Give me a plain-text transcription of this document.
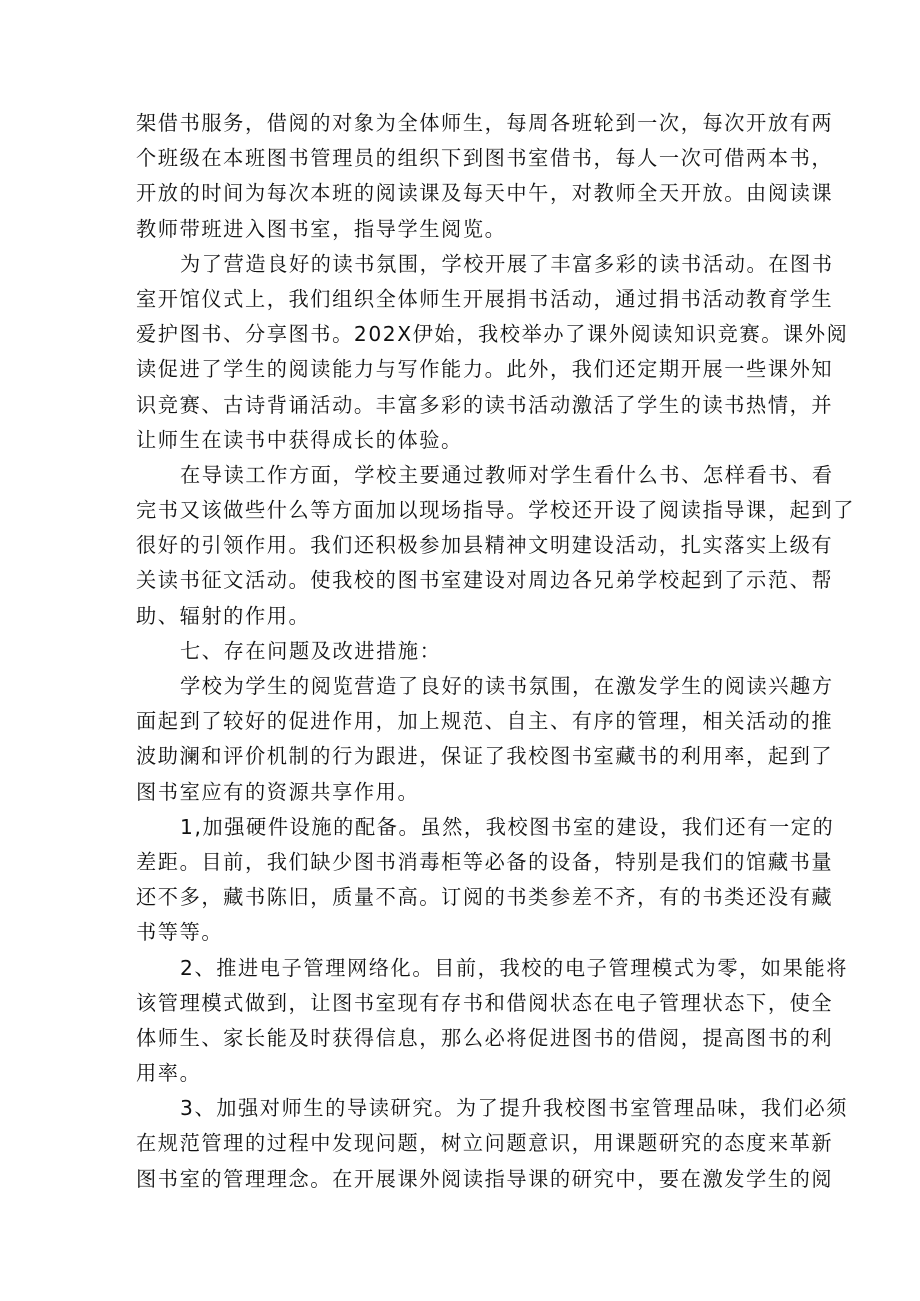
架借书服务，借阅的对象为全体师生，每周各班轮到一次，每次开放有两
个班级在本班图书管理员的组织下到图书室借书，每人一次可借两本书，
开放的时间为每次本班的阅读课及每天中午，对教师全天开放。由阅读课
教师带班进入图书室，指导学生阅览。
为了营造良好的读书氛围，学校开展了丰富多彩的读书活动。在图书
室开馆仪式上，我们组织全体师生开展捐书活动，通过捐书活动教育学生
爱护图书、分享图书。202X伊始，我校举办了课外阅读知识竞赛。课外阅
读促进了学生的阅读能力与写作能力。此外，我们还定期开展一些课外知
识竞赛、古诗背诵活动。丰富多彩的读书活动激活了学生的读书热情，并
让师生在读书中获得成长的体验。
在导读工作方面，学校主要通过教师对学生看什么书、怎样看书、看
完书又该做些什么等方面加以现场指导。学校还开设了阅读指导课，起到了
很好的引领作用。我们还积极参加县精神文明建设活动，扎实落实上级有
关读书征文活动。使我校的图书室建设对周边各兄弟学校起到了示范、帮
助、辐射的作用。
七、存在问题及改进措施：
学校为学生的阅览营造了良好的读书氛围，在激发学生的阅读兴趣方
面起到了较好的促进作用，加上规范、自主、有序的管理，相关活动的推
波助澜和评价机制的行为跟进，保证了我校图书室藏书的利用率，起到了
图书室应有的资源共享作用。
1,加强硬件设施的配备。虽然，我校图书室的建设，我们还有一定的
差距。目前，我们缺少图书消毒柜等必备的设备，特别是我们的馆藏书量
还不多，藏书陈旧，质量不高。订阅的书类参差不齐，有的书类还没有藏
书等等。
2、推进电子管理网络化。目前，我校的电子管理模式为零，如果能将
该管理模式做到，让图书室现有存书和借阅状态在电子管理状态下，使全
体师生、家长能及时获得信息，那么必将促进图书的借阅，提高图书的利
用率。
3、加强对师生的导读研究。为了提升我校图书室管理品味，我们必须
在规范管理的过程中发现问题，树立问题意识，用课题研究的态度来革新
图书室的管理理念。在开展课外阅读指导课的研究中，要在激发学生的阅
